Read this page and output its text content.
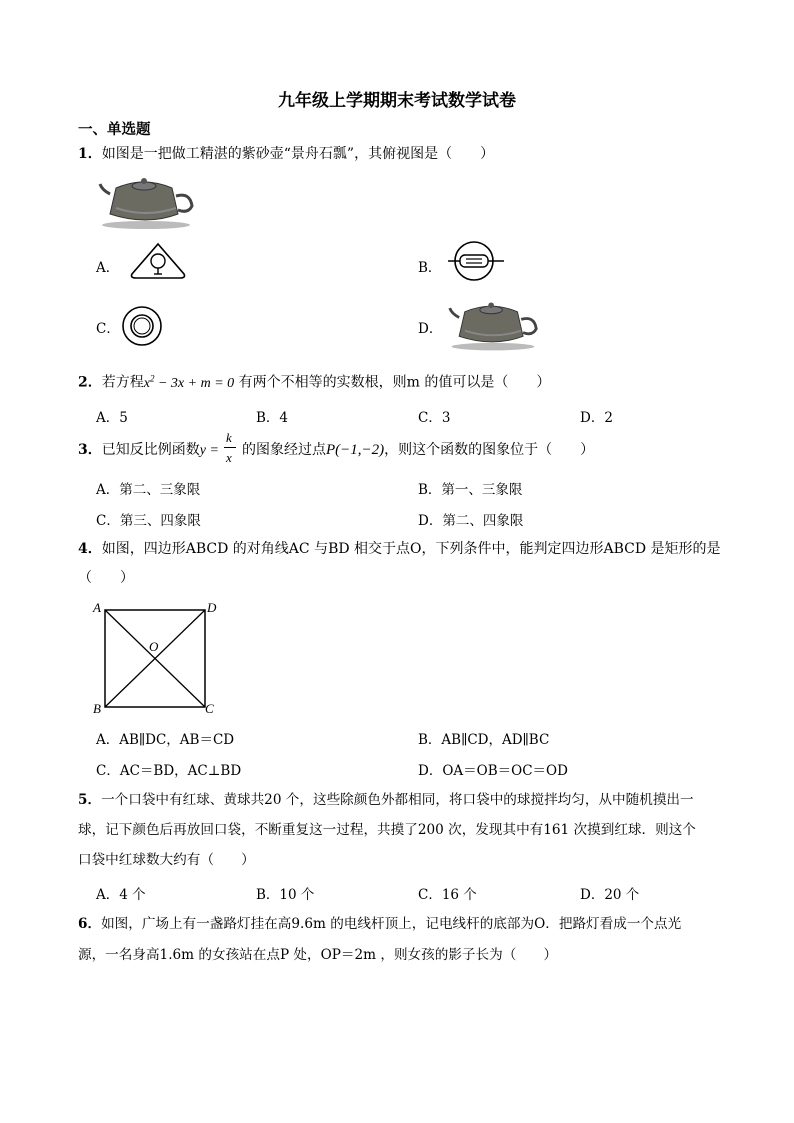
九年级上学期期末考试数学试卷
一、单选题
1．如图是一把做工精湛的紫砂壶“景舟石瓢”，其俯视图是（　　）
A．	B．
C．	D．
2．若方程$x^2 - 3x + m = 0$ 有两个不相等的实数根，则m 的值可以是（　　）
A．5	B．4	C．3	D．2
3．已知反比例函数y =
k
x 的图象经过点P(−1,−2)，则这个函数的图象位于（　　）
A．第二、三象限	B．第一、三象限
C．第三、四象限	D．第二、四象限
4．如图，四边形ABCD 的对角线AC 与BD 相交于点O，下列条件中，能判定四边形ABCD 是矩形的是
（　　）
A	D
B	C
O
A．AB∥DC，AB＝CD	B．AB∥CD，AD∥BC
C．AC＝BD，AC⊥BD	D．OA＝OB＝OC＝OD
5．一个口袋中有红球、黄球共20 个，这些除颜色外都相同，将口袋中的球搅拌均匀，从中随机摸出一
球，记下颜色后再放回口袋，不断重复这一过程，共摸了200 次，发现其中有161 次摸到红球．则这个
口袋中红球数大约有（　　）
A．4 个	B．10 个	C．16 个	D．20 个
6．如图，广场上有一盏路灯挂在高9.6m 的电线杆顶上，记电线杆的底部为O．把路灯看成一个点光
源，一名身高1.6m 的女孩站在点P 处，OP＝2m ，则女孩的影子长为（　　）
